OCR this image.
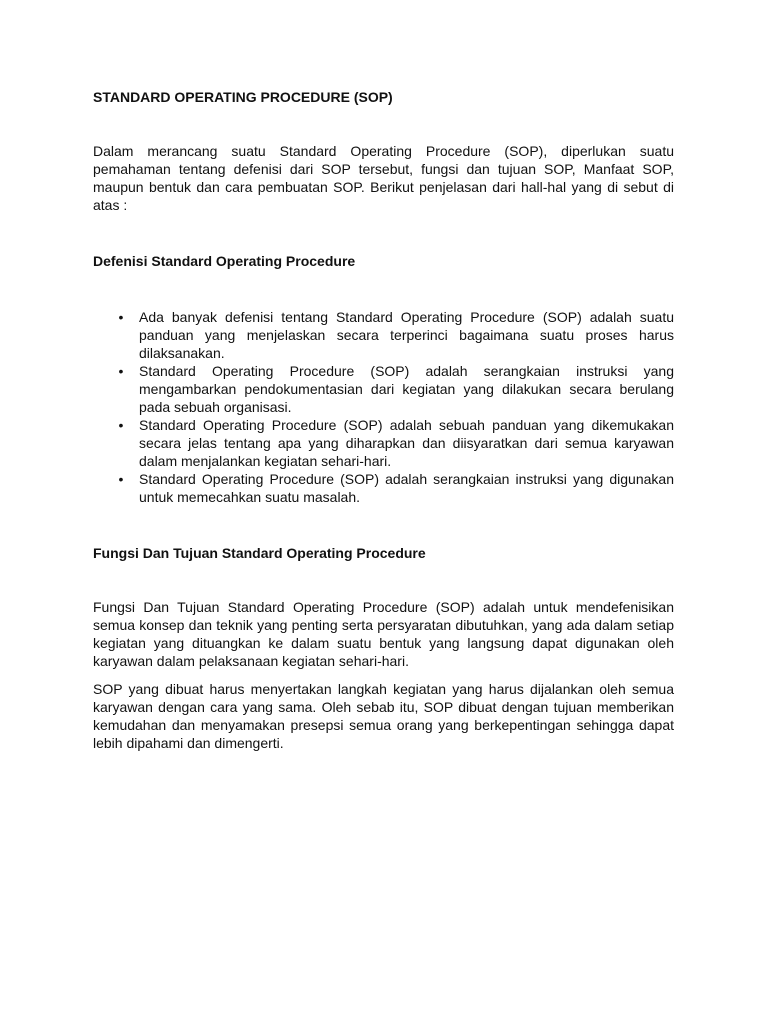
STANDARD OPERATING PROCEDURE (SOP)

Dalam merancang suatu Standard Operating Procedure (SOP), diperlukan suatu pemahaman tentang defenisi dari SOP tersebut, fungsi dan tujuan SOP, Manfaat SOP, maupun bentuk dan cara pembuatan SOP. Berikut penjelasan dari hall-hal yang di sebut di atas :

Defenisi Standard Operating Procedure
• Ada banyak defenisi tentang Standard Operating Procedure (SOP) adalah suatu panduan yang menjelaskan secara terperinci bagaimana suatu proses harus dilaksanakan.
• Standard Operating Procedure (SOP) adalah serangkaian instruksi yang mengambarkan pendokumentasian dari kegiatan yang dilakukan secara berulang pada sebuah organisasi.
• Standard Operating Procedure (SOP) adalah sebuah panduan yang dikemukakan secara jelas tentang apa yang diharapkan dan diisyaratkan dari semua karyawan dalam menjalankan kegiatan sehari-hari.
• Standard Operating Procedure (SOP) adalah serangkaian instruksi yang digunakan untuk memecahkan suatu masalah.
Fungsi Dan Tujuan Standard Operating Procedure

Fungsi Dan Tujuan Standard Operating Procedure (SOP) adalah untuk mendefenisikan semua konsep dan teknik yang penting serta persyaratan dibutuhkan, yang ada dalam setiap kegiatan yang dituangkan ke dalam suatu bentuk yang langsung dapat digunakan oleh karyawan dalam pelaksanaan kegiatan sehari-hari.

SOP yang dibuat harus menyertakan langkah kegiatan yang harus dijalankan oleh semua karyawan dengan cara yang sama. Oleh sebab itu, SOP dibuat dengan tujuan memberikan kemudahan dan menyamakan presepsi semua orang yang berkepentingan sehingga dapat lebih dipahami dan dimengerti.
